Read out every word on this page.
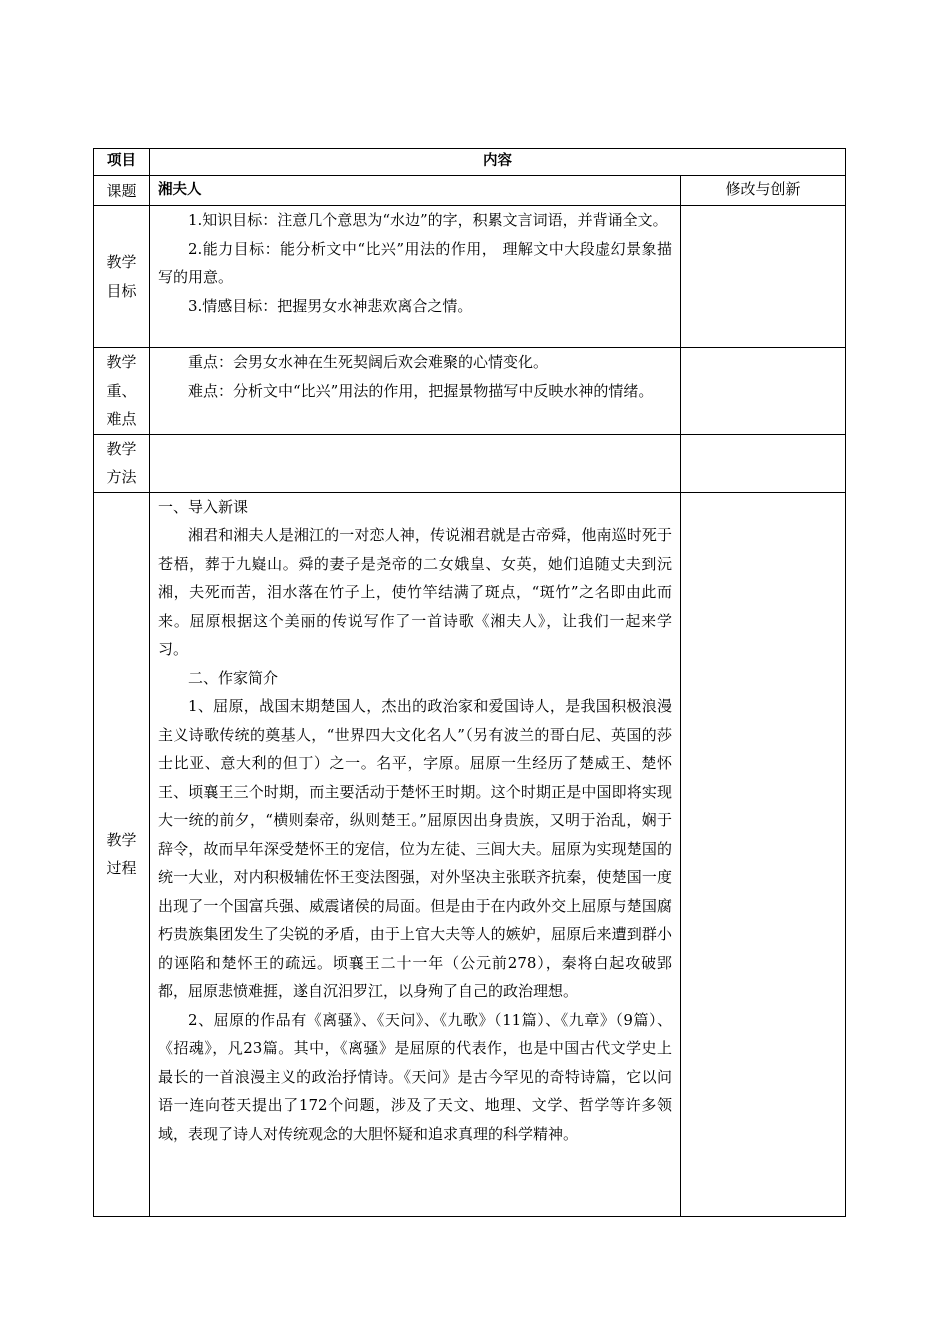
项目	内容	
课题	湘夫人	修改与创新

教学目标	1.知识目标：注意几个意思为“水边”的字，积累文言词语，并背诵全文。

2.能力目标：能分析文中“比兴”用法的作用， 理解文中大段虚幻景象描写的用意。

3.情感目标：把握男女水神悲欢离合之情。	

教学重、难点	重点：会男女水神在生死契阔后欢会难聚的心情变化。

难点：分析文中“比兴”用法的作用，把握景物描写中反映水神的情绪。	

教学方法		

教学过程	一、导入新课

湘君和湘夫人是湘江的一对恋人神，传说湘君就是古帝舜，他南巡时死于苍梧，葬于九嶷山。舜的妻子是尧帝的二女娥皇、女英，她们追随丈夫到沅湘，夫死而苦，泪水落在竹子上，使竹竿结满了斑点，“斑竹”之名即由此而来。屈原根据这个美丽的传说写作了一首诗歌《湘夫人》，让我们一起来学习。

二、作家简介

1、屈原，战国末期楚国人，杰出的政治家和爱国诗人，是我国积极浪漫主义诗歌传统的奠基人，“世界四大文化名人”（另有波兰的哥白尼、英国的莎士比亚、意大利的但丁）之一。名平，字原。屈原一生经历了楚威王、楚怀王、顷襄王三个时期，而主要活动于楚怀王时期。这个时期正是中国即将实现大一统的前夕，“横则秦帝，纵则楚王。”屈原因出身贵族，又明于治乱，娴于辞令，故而早年深受楚怀王的宠信，位为左徒、三闾大夫。屈原为实现楚国的统一大业，对内积极辅佐怀王变法图强，对外坚决主张联齐抗秦，使楚国一度出现了一个国富兵强、威震诸侯的局面。但是由于在内政外交上屈原与楚国腐朽贵族集团发生了尖锐的矛盾，由于上官大夫等人的嫉妒，屈原后来遭到群小的诬陷和楚怀王的疏远。顷襄王二十一年（公元前278），秦将白起攻破郢都，屈原悲愤难捱，遂自沉汨罗江，以身殉了自己的政治理想。

2、屈原的作品有《离骚》、《天问》、《九歌》（11篇）、《九章》（9篇）、《招魂》，凡23篇。其中，《离骚》是屈原的代表作，也是中国古代文学史上最长的一首浪漫主义的政治抒情诗。《天问》是古今罕见的奇特诗篇，它以问语一连向苍天提出了172个问题，涉及了天文、地理、文学、哲学等许多领域，表现了诗人对传统观念的大胆怀疑和追求真理的科学精神。	
